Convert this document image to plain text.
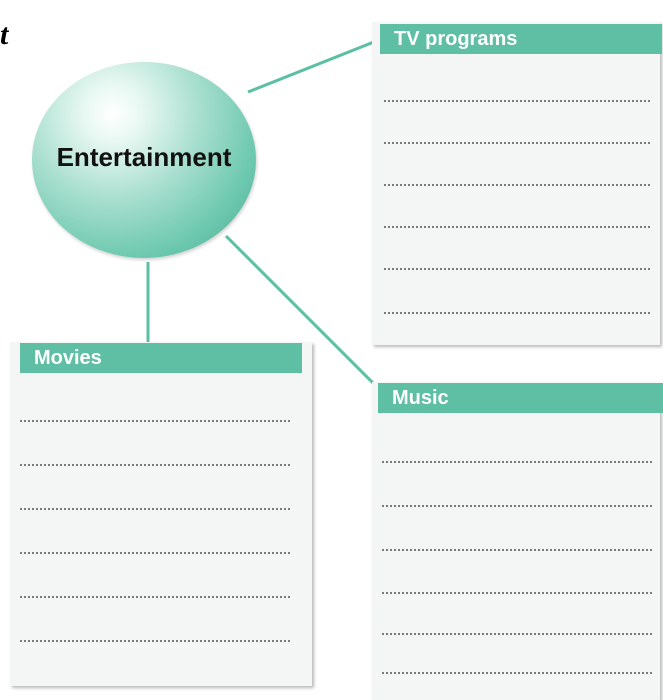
t
Entertainment
TV programs
Movies
Music
